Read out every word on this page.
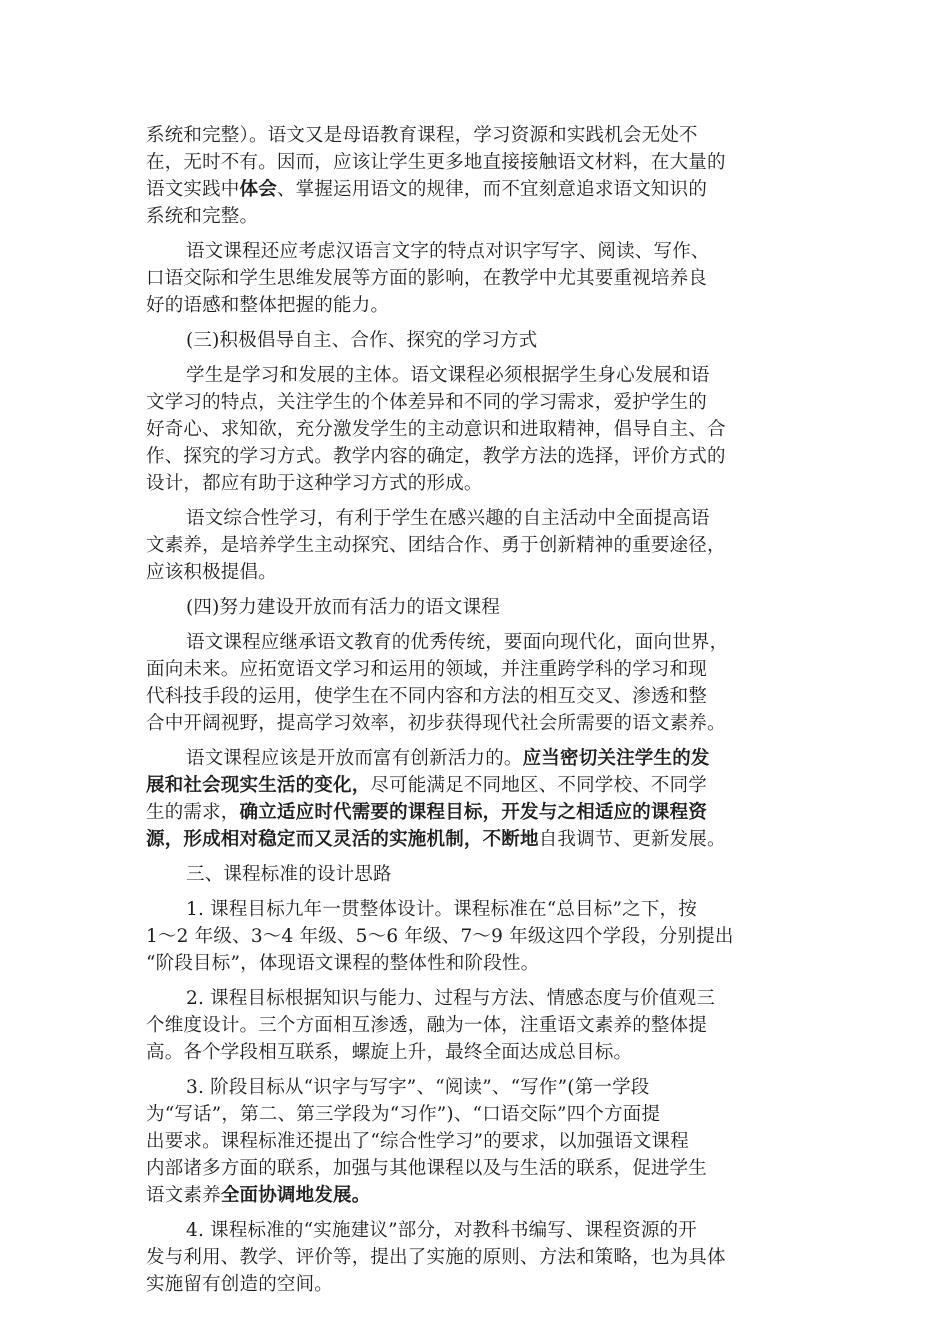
系统和完整）。语文又是母语教育课程，学习资源和实践机会无处不
在，无时不有。因而，应该让学生更多地直接接触语文材料，在大量的
语文实践中体会、掌握运用语文的规律，而不宜刻意追求语文知识的
系统和完整。

语文课程还应考虑汉语言文字的特点对识字写字、阅读、写作、
口语交际和学生思维发展等方面的影响，在教学中尤其要重视培养良
好的语感和整体把握的能力。

(三)积极倡导自主、合作、探究的学习方式

学生是学习和发展的主体。语文课程必须根据学生身心发展和语
文学习的特点，关注学生的个体差异和不同的学习需求，爱护学生的
好奇心、求知欲，充分激发学生的主动意识和进取精神，倡导自主、合
作、探究的学习方式。教学内容的确定，教学方法的选择，评价方式的
设计，都应有助于这种学习方式的形成。

语文综合性学习，有利于学生在感兴趣的自主活动中全面提高语
文素养，是培养学生主动探究、团结合作、勇于创新精神的重要途径，
应该积极提倡。

(四)努力建设开放而有活力的语文课程

语文课程应继承语文教育的优秀传统，要面向现代化，面向世界，
面向未来。应拓宽语文学习和运用的领域，并注重跨学科的学习和现
代科技手段的运用，使学生在不同内容和方法的相互交叉、渗透和整
合中开阔视野，提高学习效率，初步获得现代社会所需要的语文素养。

语文课程应该是开放而富有创新活力的。应当密切关注学生的发
展和社会现实生活的变化，尽可能满足不同地区、不同学校、不同学
生的需求，确立适应时代需要的课程目标，开发与之相适应的课程资
源，形成相对稳定而又灵活的实施机制，不断地自我调节、更新发展。

三、课程标准的设计思路

1. 课程目标九年一贯整体设计。课程标准在“总目标”之下，按
1～2 年级、3～4 年级、5～6 年级、7～9 年级这四个学段，分别提出
“阶段目标”，体现语文课程的整体性和阶段性。

2. 课程目标根据知识与能力、过程与方法、情感态度与价值观三
个维度设计。三个方面相互渗透，融为一体，注重语文素养的整体提
高。各个学段相互联系，螺旋上升，最终全面达成总目标。

3. 阶段目标从“识字与写字”、“阅读”、“写作”(第一学段
为“写话”，第二、第三学段为“习作”)、“口语交际”四个方面提
出要求。课程标准还提出了“综合性学习”的要求，以加强语文课程
内部诸多方面的联系，加强与其他课程以及与生活的联系，促进学生
语文素养全面协调地发展。

4. 课程标准的“实施建议”部分，对教科书编写、课程资源的开
发与利用、教学、评价等，提出了实施的原则、方法和策略，也为具体
实施留有创造的空间。
